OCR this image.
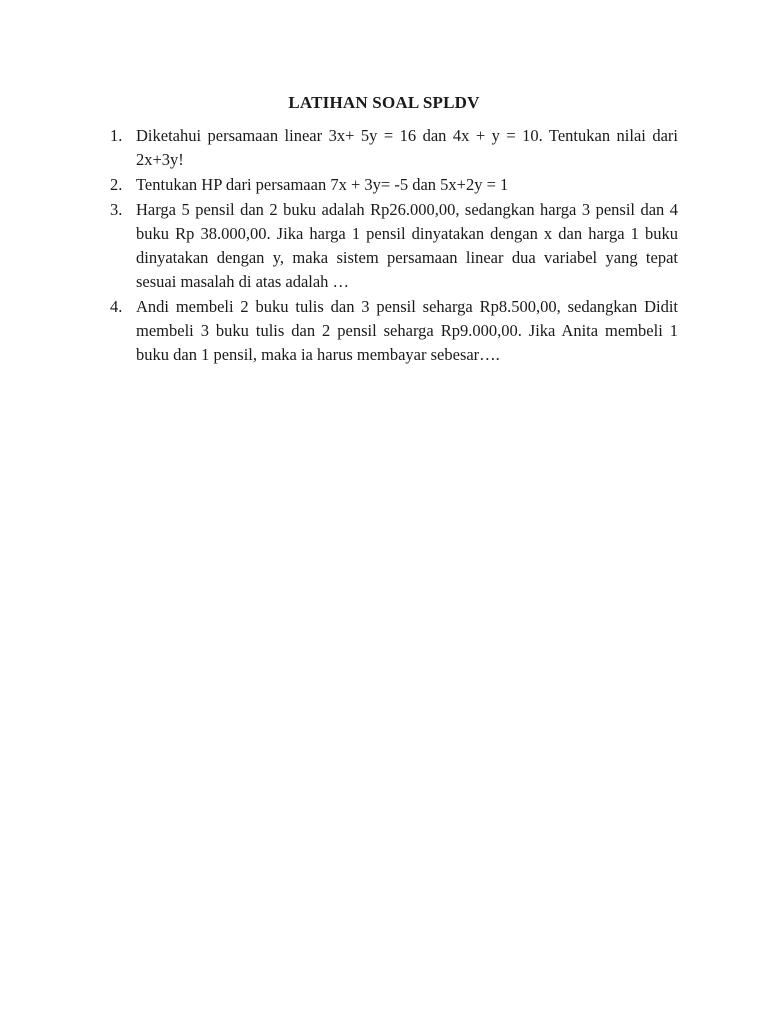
LATIHAN SOAL SPLDV
1. Diketahui persamaan linear 3x+ 5y = 16 dan 4x + y = 10. Tentukan nilai dari 2x+3y!
2. Tentukan HP dari persamaan 7x + 3y= -5 dan 5x+2y = 1
3. Harga 5 pensil dan 2 buku adalah Rp26.000,00, sedangkan harga 3 pensil dan 4 buku Rp 38.000,00. Jika harga 1 pensil dinyatakan dengan x dan harga 1 buku dinyatakan dengan y, maka sistem persamaan linear dua variabel yang tepat sesuai masalah di atas adalah …
4. Andi membeli 2 buku tulis dan 3 pensil seharga Rp8.500,00, sedangkan Didit membeli 3 buku tulis dan 2 pensil seharga Rp9.000,00. Jika Anita membeli 1 buku dan 1 pensil, maka ia harus membayar sebesar….
